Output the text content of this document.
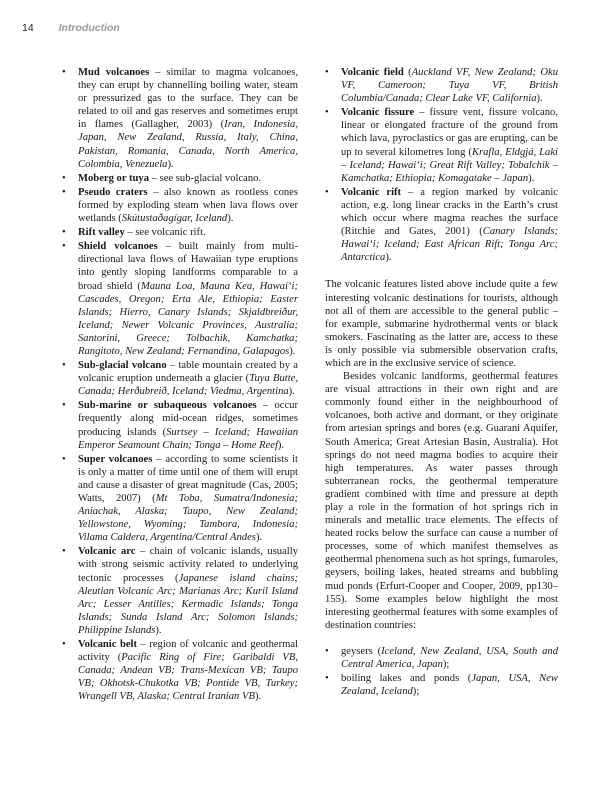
14 Introduction
• Mud volcanoes – similar to magma volcanoes, they can erupt by channelling boiling water, steam or pressurized gas to the surface. They can be related to oil and gas reserves and sometimes erupt in flames (Gallagher, 2003) (Iran, Indonesia, Japan, New Zealand, Russia, Italy, China, Pakistan, Romania, Canada, North America, Colombia, Venezuela).
• Moberg or tuya – see sub-glacial volcano.
• Pseudo craters – also known as rootless cones formed by exploding steam when lava flows over wetlands (Skútustaðagígar, Iceland).
• Rift valley – see volcanic rift.
• Shield volcanoes – built mainly from multi-directional lava flows of Hawaiian type eruptions into gently sloping landforms comparable to a broad shield (Mauna Loa, Mauna Kea, Hawai‘i; Cascades, Oregon; Erta Ale, Ethiopia; Easter Islands; Hierro, Canary Islands; Skjaldbreiður, Iceland; Newer Volcanic Provinces, Australia; Santorini, Greece; Tolbachik, Kamchatka; Rangitoto, New Zealand; Fernandina, Galapagos).
• Sub-glacial volcano – table mountain created by a volcanic eruption underneath a glacier (Tuya Butte, Canada; Herðubreið, Iceland; Viedma, Argentina).
• Sub-marine or subaqueous volcanoes – occur frequently along mid-ocean ridges, sometimes producing islands (Surtsey – Iceland; Hawaiian Emperor Seamount Chain; Tonga – Home Reef).
• Super volcanoes – according to some scientists it is only a matter of time until one of them will erupt and cause a disaster of great magnitude (Cas, 2005; Watts, 2007) (Mt Toba, Sumatra/Indonesia; Aniachak, Alaska; Taupo, New Zealand; Yellowstone, Wyoming; Tambora, Indonesia; Vilama Caldera, Argentina/Central Andes).
• Volcanic arc – chain of volcanic islands, usually with strong seismic activity related to underlying tectonic processes (Japanese island chains; Aleutian Volcanic Arc; Marianas Arc; Kuril Island Arc; Lesser Antilles; Kermadic Islands; Tonga Islands; Sunda Island Arc; Solomon Islands; Philippine Islands).
• Volcanic belt – region of volcanic and geothermal activity (Pacific Ring of Fire; Garibaldi VB, Canada; Andean VB; Trans-Mexican VB; Taupo VB; Okhotsk-Chukotka VB; Pontide VB, Turkey; Wrangell VB, Alaska; Central Iranian VB).
• Volcanic field (Auckland VF, New Zealand; Oku VF, Cameroon; Tuya VF, British Columbia/Canada; Clear Lake VF, California).
• Volcanic fissure – fissure vent, fissure volcano, linear or elongated fracture of the ground from which lava, pyroclastics or gas are erupting, can be up to several kilometres long (Krafla, Eldgjá, Laki – Iceland; Hawai‘i; Great Rift Valley; Tobalchik – Kamchatka; Ethiopia; Komagatake – Japan).
• Volcanic rift – a region marked by volcanic action, e.g. long linear cracks in the Earth’s crust which occur where magma reaches the surface (Ritchie and Gates, 2001) (Canary Islands; Hawai‘i; Iceland; East African Rift; Tonga Arc; Antarctica).

The volcanic features listed above include quite a few interesting volcanic destinations for tourists, although not all of them are accessible to the general public – for example, submarine hydrothermal vents or black smokers. Fascinating as the latter are, access to these is only possible via submersible observation crafts, which are in the exclusive service of science.

Besides volcanic landforms, geothermal features are visual attractions in their own right and are commonly found either in the neighbourhood of volcanoes, both active and dormant, or they originate from artesian springs and bores (e.g. Guarani Aquifer, South America; Great Artesian Basin, Australia). Hot springs do not need magma bodies to acquire their high temperatures. As water passes through subterranean rocks, the geothermal temperature gradient combined with time and pressure at depth play a role in the formation of hot springs rich in minerals and metallic trace elements. The effects of heated rocks below the surface can cause a number of processes, some of which manifest themselves as geothermal phenomena such as hot springs, fumaroles, geysers, boiling lakes, heated streams and bubbling mud ponds (Erfurt-Cooper and Cooper, 2009, pp130–155). Some examples below highlight the most interesting geothermal features with some examples of destination countries:

• geysers (Iceland, New Zealand, USA, South and Central America, Japan);
• boiling lakes and ponds (Japan, USA, New Zealand, Iceland);
